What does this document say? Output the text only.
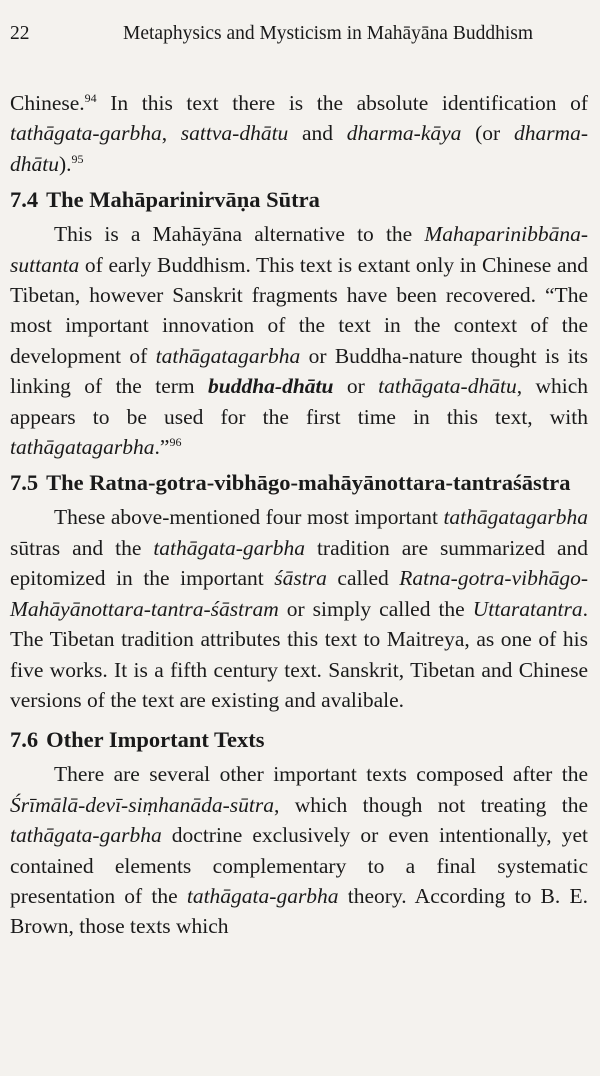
22	Metaphysics and Mysticism in Mahāyāna Buddhism

Chinese.$^{94}$ In this text there is the absolute identification of tathāgata-garbha, sattva-dhātu and dharma-kāya (or dharma-dhātu).$^{95}$

7.4 The Mahāparinirvāṇa Sūtra

This is a Mahāyāna alternative to the Mahaparinibbāna-suttanta of early Buddhism. This text is extant only in Chinese and Tibetan, however Sanskrit fragments have been recovered. “The most important innovation of the text in the context of the development of tathāgatagarbha or Buddha-nature thought is its linking of the term buddha-dhātu or tathāgata-dhātu, which appears to be used for the first time in this text, with tathāgatagarbha.”$^{96}$

7.5 The Ratna-gotra-vibhāgo-mahāyānottara-tantraśāstra

These above-mentioned four most important tathāgatagarbha sūtras and the tathāgata-garbha tradition are summarized and epitomized in the important śāstra called Ratna-gotra-vibhāgo-Mahāyānottara-tantra-śāstram or simply called the Uttaratantra. The Tibetan tradition attributes this text to Maitreya, as one of his five works. It is a fifth century text. Sanskrit, Tibetan and Chinese versions of the text are existing and avalibale.

7.6 Other Important Texts

There are several other important texts composed after the Śrīmālā-devī-siṃhanāda-sūtra, which though not treating the tathāgata-garbha doctrine exclusively or even intentionally, yet contained elements complementary to a final systematic presentation of the tathāgata-garbha theory. According to B. E. Brown, those texts which
